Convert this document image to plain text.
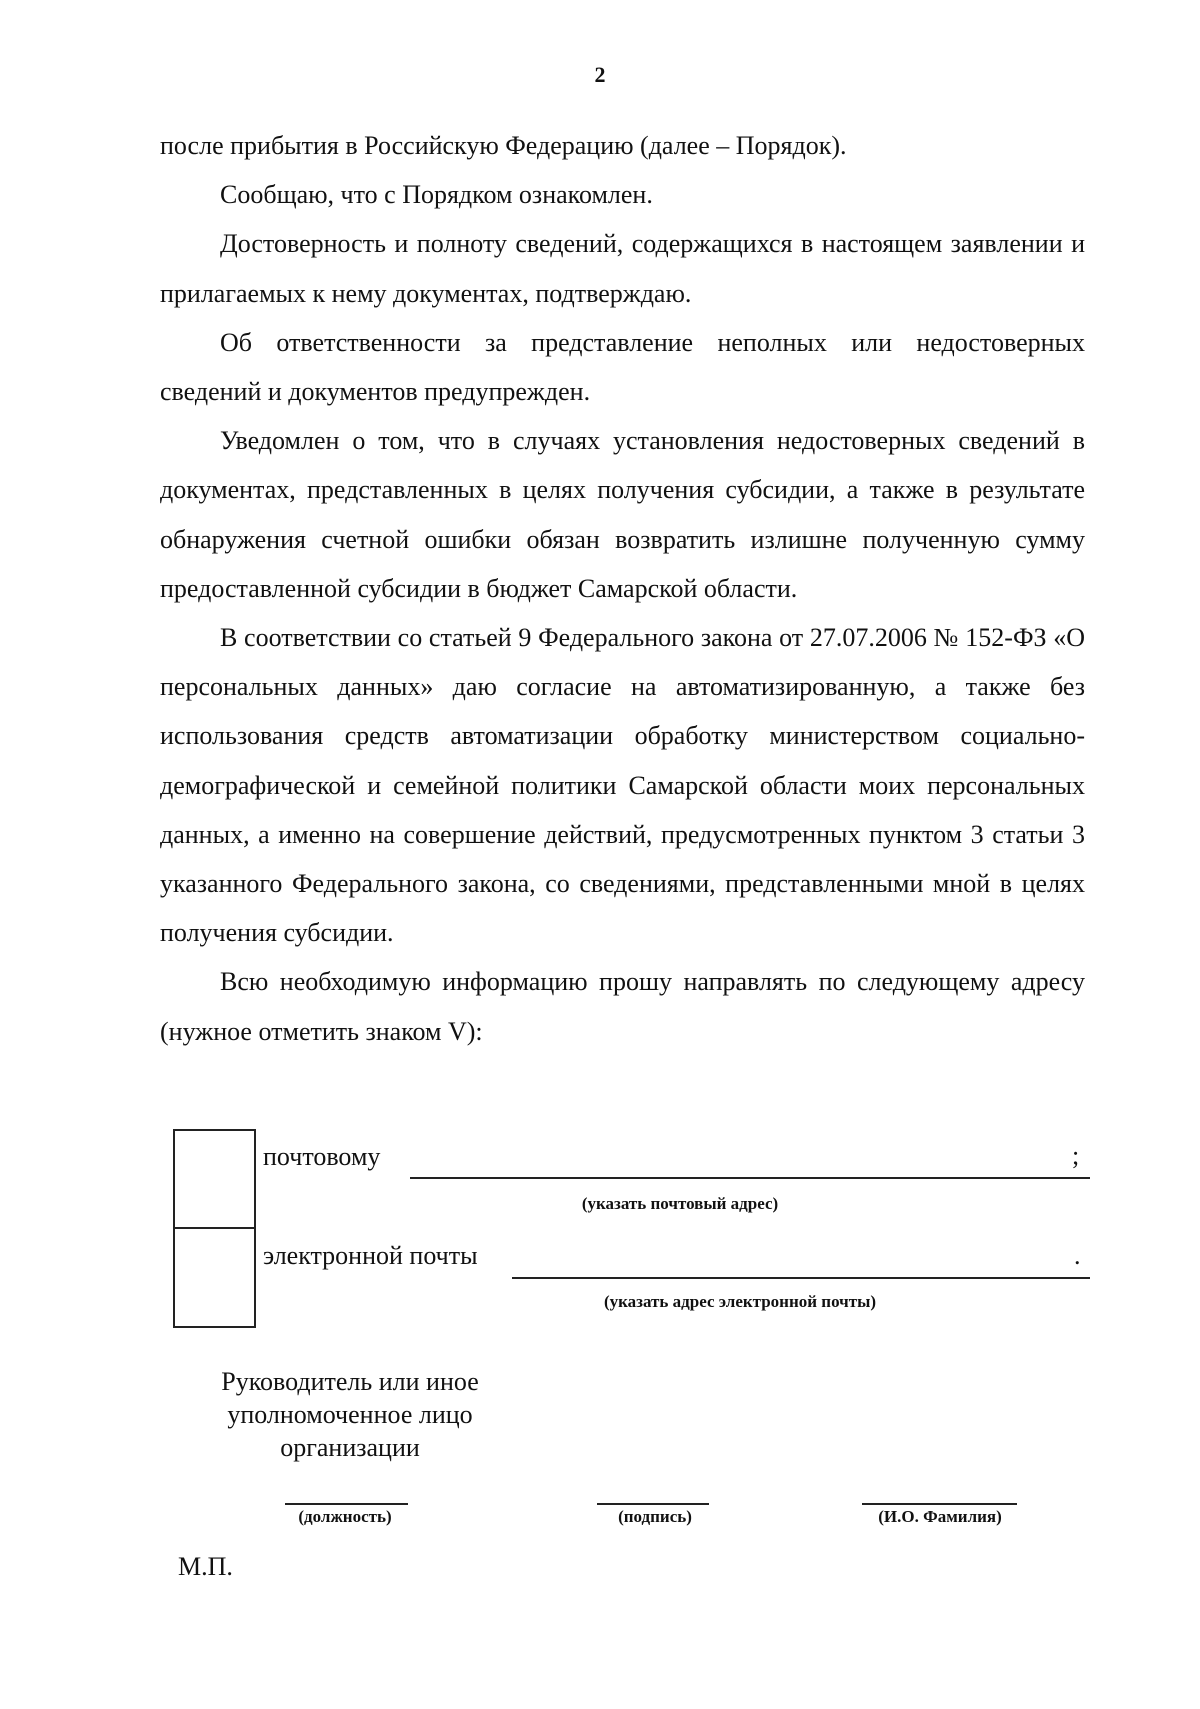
2

после прибытия в Российскую Федерацию (далее – Порядок).

Сообщаю, что с Порядком ознакомлен.

Достоверность и полноту сведений, содержащихся в настоящем заявлении и прилагаемых к нему документах, подтверждаю.

Об ответственности за представление неполных или недостоверных сведений и документов предупрежден.

Уведомлен о том, что в случаях установления недостоверных сведений в документах, представленных в целях получения субсидии, а также в результате обнаружения счетной ошибки обязан возвратить излишне полученную сумму предоставленной субсидии в бюджет Самарской области.

В соответствии со статьей 9 Федерального закона от 27.07.2006 № 152-ФЗ «О персональных данных» даю согласие на автоматизированную, а также без использования средств автоматизации обработку министерством социально-демографической и семейной политики Самарской области моих персональных данных, а именно на совершение действий, предусмотренных пунктом 3 статьи 3 указанного Федерального закона, со сведениями, представленными мной в целях получения субсидии.

Всю необходимую информацию прошу направлять по следующему адресу (нужное отметить знаком V):

почтовому	;
(указать почтовый адрес)
электронной почты	.
(указать адрес электронной почты)
Руководитель или иное
уполномоченное лицо
организации
(должность)	(подпись)	(И.О. Фамилия)
М.П.
